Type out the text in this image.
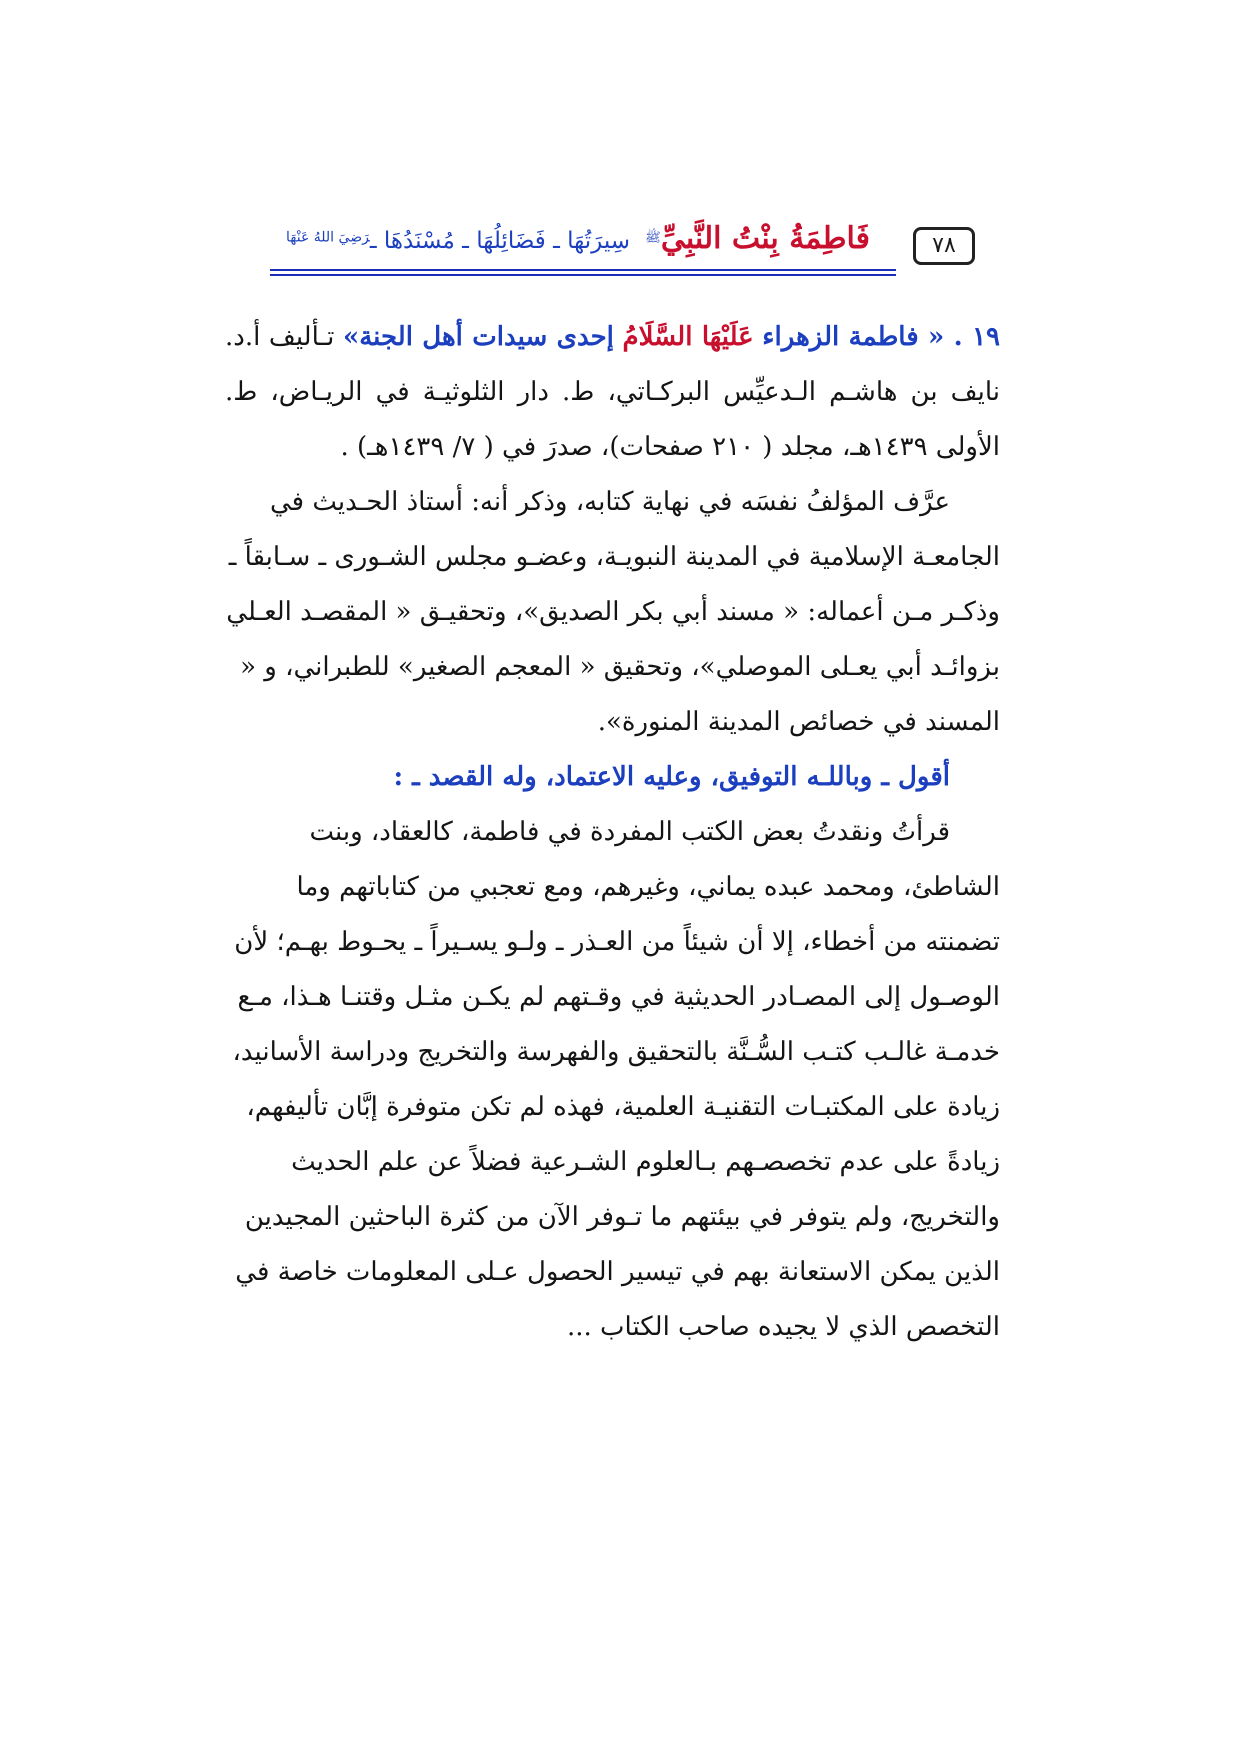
٧٨
فَاطِمَةُ بِنْتُ النَّبِيِّ$^ﷺ$ سِيرَتُهَا ـ فَضَائِلُهَا ـ مُسْنَدُهَا ـرَضِيَ اللهُ عَنْهَا

١٩ . « فاطمة الزهراء عَلَيْهَا السَّلَامُ إحدى سيدات أهل الجنة» تـأليف أ.د. نايف بن هاشـم الـدعيِّس البركـاتي، ط. دار الثلوثيـة في الريـاض، ط. الأولى ١٤٣٩هـ، مجلد ( ٢١٠ صفحات)، صدرَ في ( ٧/ ١٤٣٩هـ) .

عرَّف المؤلفُ نفسَه في نهاية كتابه، وذكر أنه: أستاذ الحـديث في الجامعـة الإسلامية في المدينة النبويـة، وعضـو مجلس الشـورى ـ سـابقاً ـ وذكـر مـن أعماله: « مسند أبي بكر الصديق»، وتحقيـق « المقصـد العـلي بزوائـد أبي يعـلى الموصلي»، وتحقيق « المعجم الصغير» للطبراني، و « المسند في خصائص المدينة المنورة».

أقول ـ وباللـه التوفيق، وعليه الاعتماد، وله القصد ـ :

قرأتُ ونقدتُ بعض الكتب المفردة في فاطمة، كالعقاد، وبنت الشاطئ، ومحمد عبده يماني، وغيرهم، ومع تعجبي من كتاباتهم وما تضمنته من أخطاء، إلا أن شيئاً من العـذر ـ ولـو يسـيراً ـ يحـوط بهـم؛ لأن الوصـول إلى المصـادر الحديثية في وقـتهم لم يكـن مثـل وقتنـا هـذا، مـع خدمـة غالـب كتـب السُّـنَّة بالتحقيق والفهرسة والتخريج ودراسة الأسانيد، زيادة على المكتبـات التقنيـة العلمية، فهذه لم تكن متوفرة إبَّان تأليفهم، زيادةً على عدم تخصصـهم بـالعلوم الشـرعية فضلاً عن علم الحديث والتخريج، ولم يتوفر في بيئتهم ما تـوفر الآن من كثرة الباحثين المجيدين الذين يمكن الاستعانة بهم في تيسير الحصول عـلى المعلومات خاصة في التخصص الذي لا يجيده صاحب الكتاب ...
